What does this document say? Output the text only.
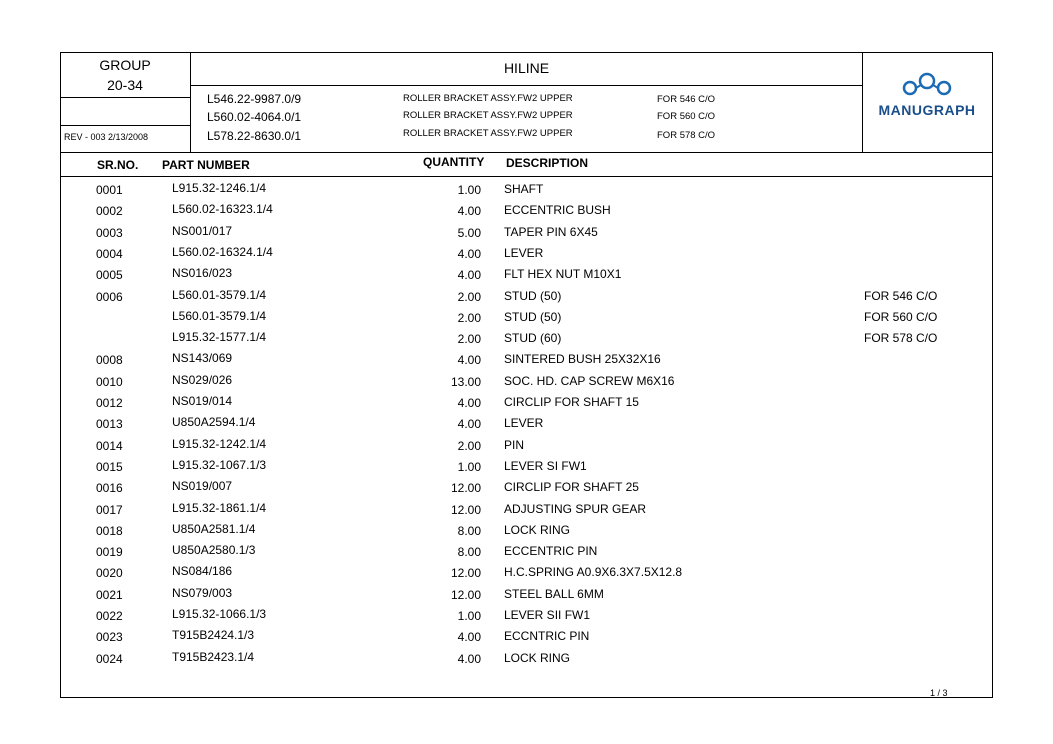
GROUP
20-34
HILINE
REV - 003 2/13/2008
L546.22-9987.0/9	ROLLER BRACKET ASSY.FW2 UPPER	FOR 546 C/O
L560.02-4064.0/1	ROLLER BRACKET ASSY.FW2 UPPER	FOR 560 C/O
L578.22-8630.0/1	ROLLER BRACKET ASSY.FW2 UPPER	FOR 578 C/O
MANUGRAPH
SR.NO. PART NUMBER	QUANTITY DESCRIPTION
0001	L915.32-1246.1/4	1.00 SHAFT
0002	L560.02-16323.1/4	4.00 ECCENTRIC BUSH
0003	NS001/017	5.00 TAPER PIN 6X45
0004	L560.02-16324.1/4	4.00 LEVER
0005	NS016/023	4.00 FLT HEX NUT M10X1
0006	L560.01-3579.1/4	2.00 STUD (50)	FOR 546 C/O
L560.01-3579.1/4	2.00 STUD (50)	FOR 560 C/O
L915.32-1577.1/4	2.00 STUD (60)	FOR 578 C/O
0008	NS143/069	4.00 SINTERED BUSH 25X32X16
0010	NS029/026	13.00 SOC. HD. CAP SCREW M6X16
0012	NS019/014	4.00 CIRCLIP FOR SHAFT 15
0013	U850A2594.1/4	4.00 LEVER
0014	L915.32-1242.1/4	2.00 PIN
0015	L915.32-1067.1/3	1.00 LEVER SI FW1
0016	NS019/007	12.00 CIRCLIP FOR SHAFT 25
0017	L915.32-1861.1/4	12.00 ADJUSTING SPUR GEAR
0018	U850A2581.1/4	8.00 LOCK RING
0019	U850A2580.1/3	8.00 ECCENTRIC PIN
0020	NS084/186	12.00 H.C.SPRING A0.9X6.3X7.5X12.8
0021	NS079/003	12.00 STEEL BALL 6MM
0022	L915.32-1066.1/3	1.00 LEVER SII FW1
0023	T915B2424.1/3	4.00 ECCNTRIC PIN
0024	T915B2423.1/4	4.00 LOCK RING
1 / 3
